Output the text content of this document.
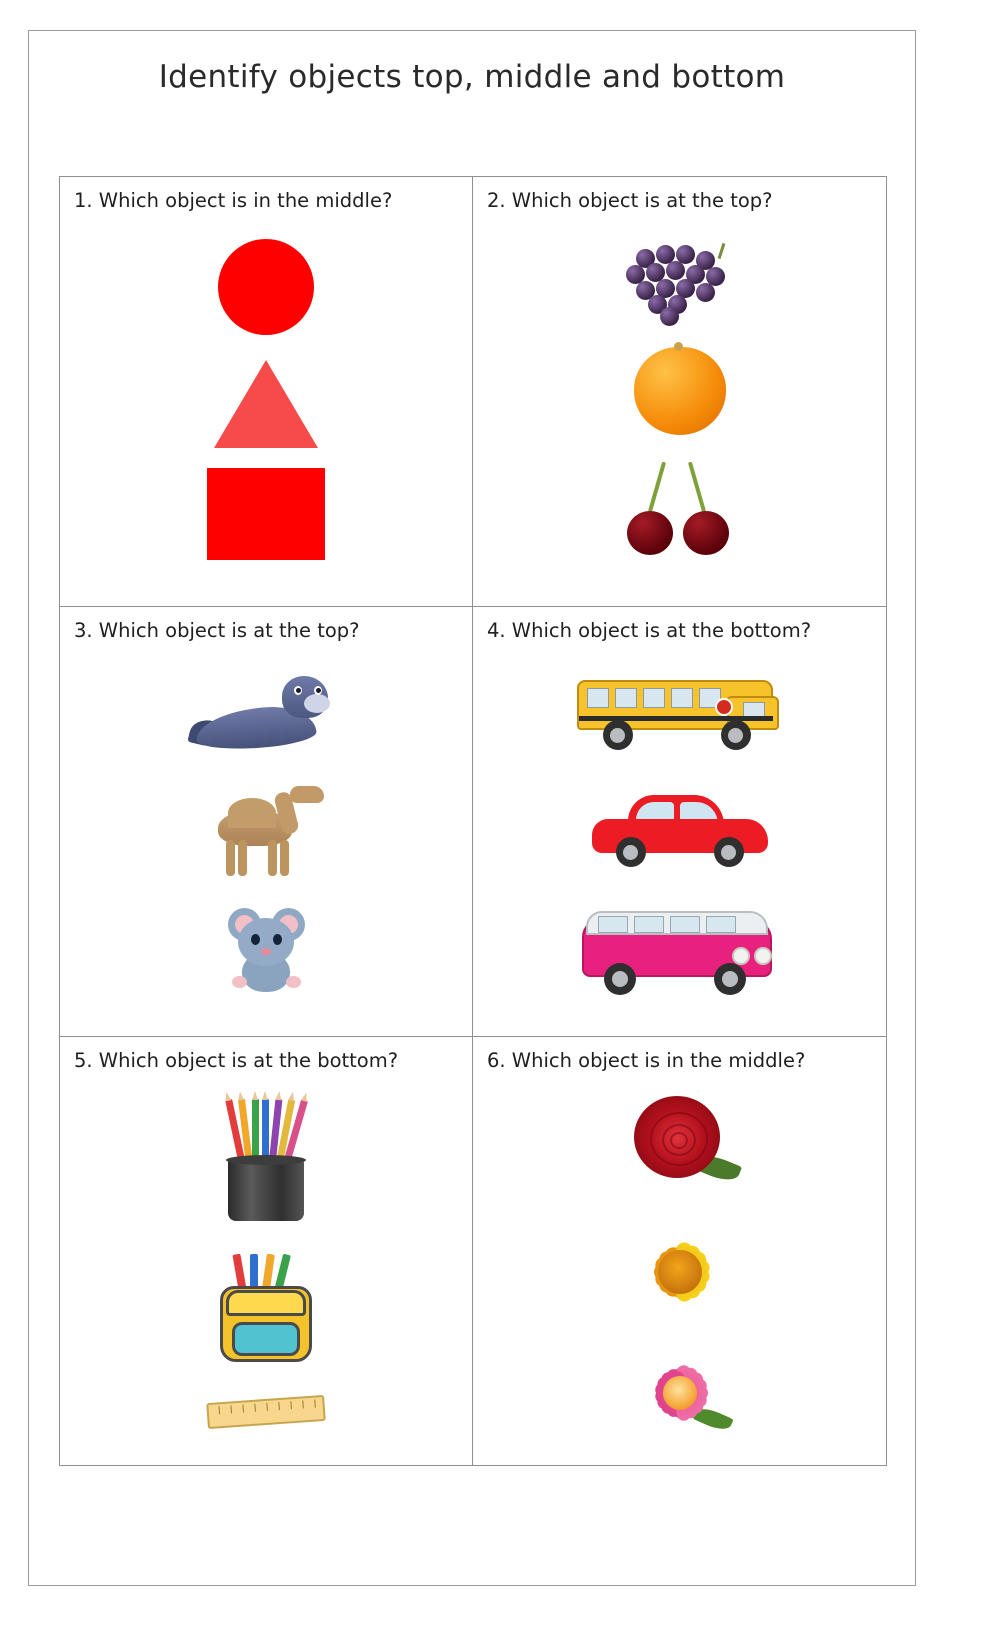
Identify objects top, middle and bottom
1. Which object is in the middle?	2. Which object is at the top?
3. Which object is at the top?	4. Which object is at the bottom?
5. Which object is at the bottom?	6. Which object is in the middle?
